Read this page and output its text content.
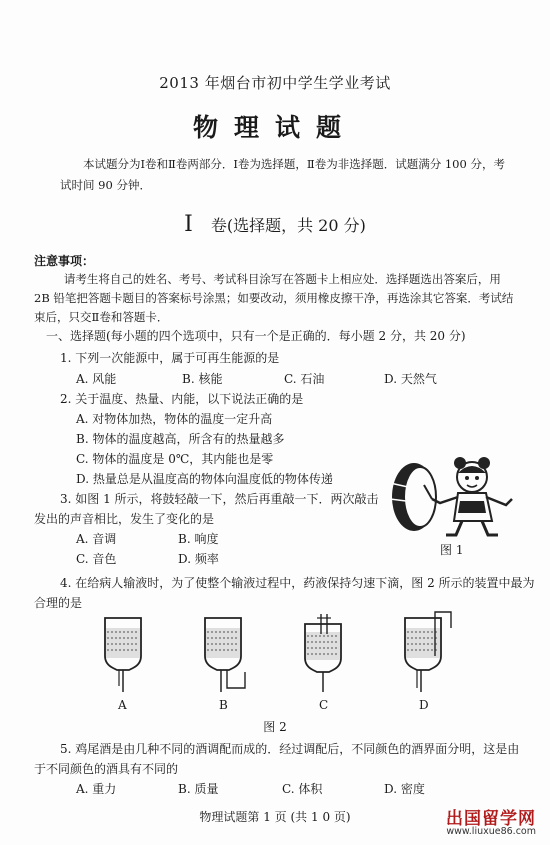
2013 年烟台市初中学生学业考试
物理试题
本试题分为Ⅰ卷和Ⅱ卷两部分．Ⅰ卷为选择题，Ⅱ卷为非选择题．试题满分 100 分，考试时间 90 分钟．
Ⅰ 卷(选择题，共 20 分)
注意事项：
请考生将自己的姓名、考号、考试科目涂写在答题卡上相应处．选择题选出答案后，用 2B 铅笔把答题卡题目的答案标号涂黑；如要改动，须用橡皮擦干净，再选涂其它答案．考试结束后，只交Ⅱ卷和答题卡．
一、选择题(每小题的四个选项中，只有一个是正确的．每小题 2 分，共 20 分)
1. 下列一次能源中，属于可再生能源的是
A. 风能	B. 核能	C. 石油	D. 天然气
2. 关于温度、热量、内能，以下说法正确的是
A. 对物体加热，物体的温度一定升高
B. 物体的温度越高，所含有的热量越多
C. 物体的温度是 0℃，其内能也是零
D. 热量总是从温度高的物体向温度低的物体传递
3. 如图 1 所示，将鼓轻敲一下，然后再重敲一下．两次敲击
发出的声音相比，发生了变化的是
A. 音调	B. 响度
C. 音色	D. 频率
图 1
4. 在给病人输液时，为了使整个输液过程中，药液保持匀速下滴，图 2 所示的装置中最为
合理的是
A	B	C	D
图 2
5. 鸡尾酒是由几种不同的酒调配而成的．经过调配后，不同颜色的酒界面分明，这是由
于不同颜色的酒具有不同的
A. 重力	B. 质量	C. 体积	D. 密度
物理试题第 1 页 (共 1 0 页)	出国留学网
www.liuxue86.com
